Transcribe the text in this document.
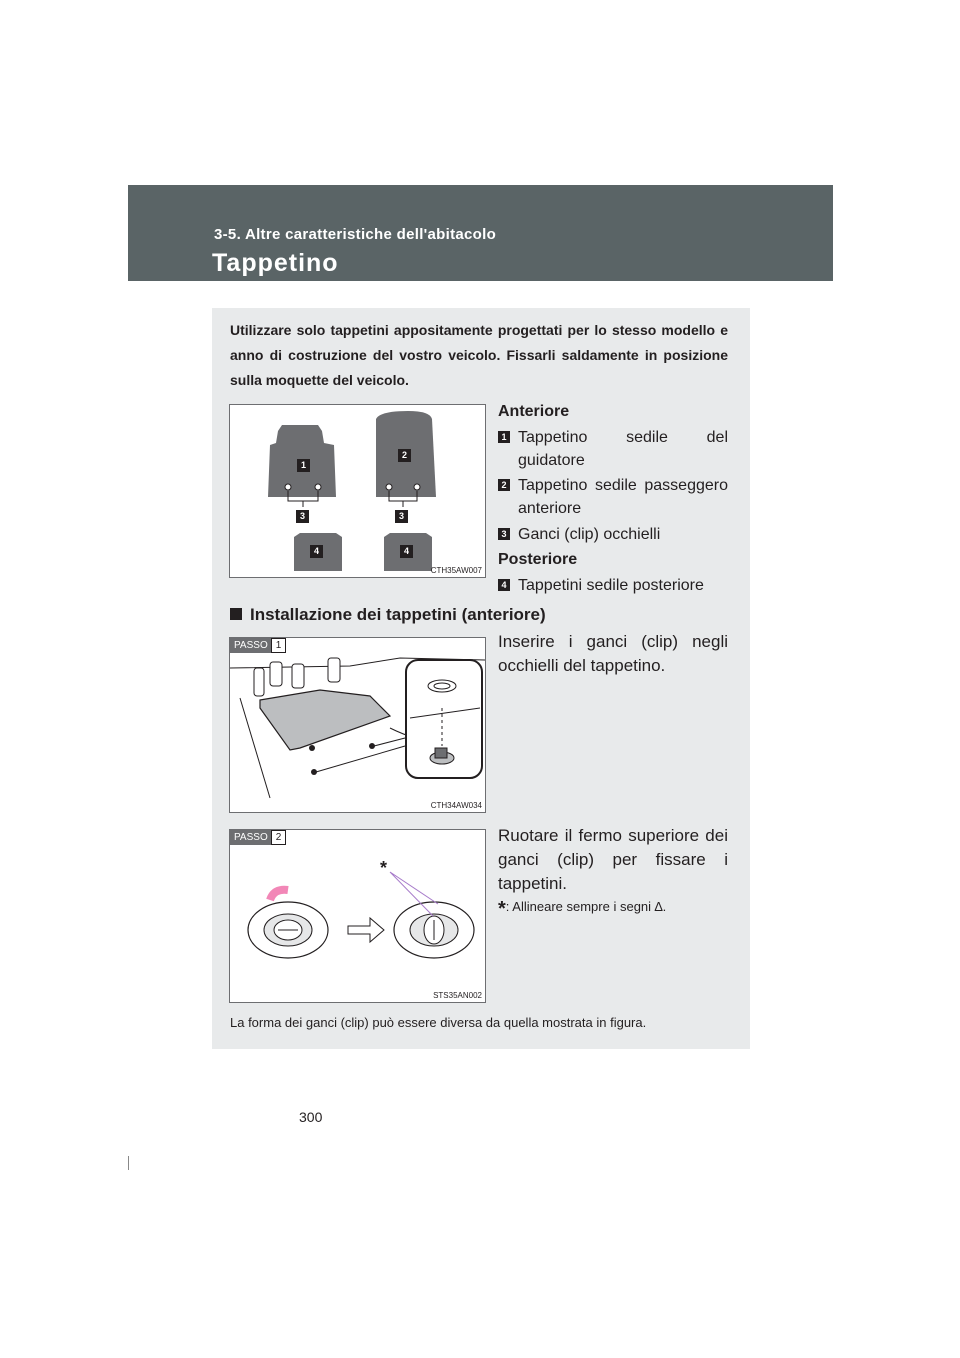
3-5. Altre caratteristiche dell'abitacolo
Tappetino
Utilizzare solo tappetini appositamente progettati per lo stesso modello e anno di costruzione del vostro veicolo. Fissarli saldamente in posizione sulla moquette del veicolo.
1
2
3	3
4	4
CTH35AW007
Anteriore
1 Tappetino sedile del guidatore
2 Tappetino sedile passeggero anteriore
3 Ganci (clip) occhielli
Posteriore
4 Tappetini sedile posteriore
Installazione dei tappetini (anteriore)
PASSO 1
CTH34AW034
Inserire i ganci (clip) negli occhielli del tappetino.
PASSO 2
*
STS35AN002
Ruotare il fermo superiore dei ganci (clip) per fissare i tappetini.
*: Allineare sempre i segni ∆.
La forma dei ganci (clip) può essere diversa da quella mostrata in figura.
300
